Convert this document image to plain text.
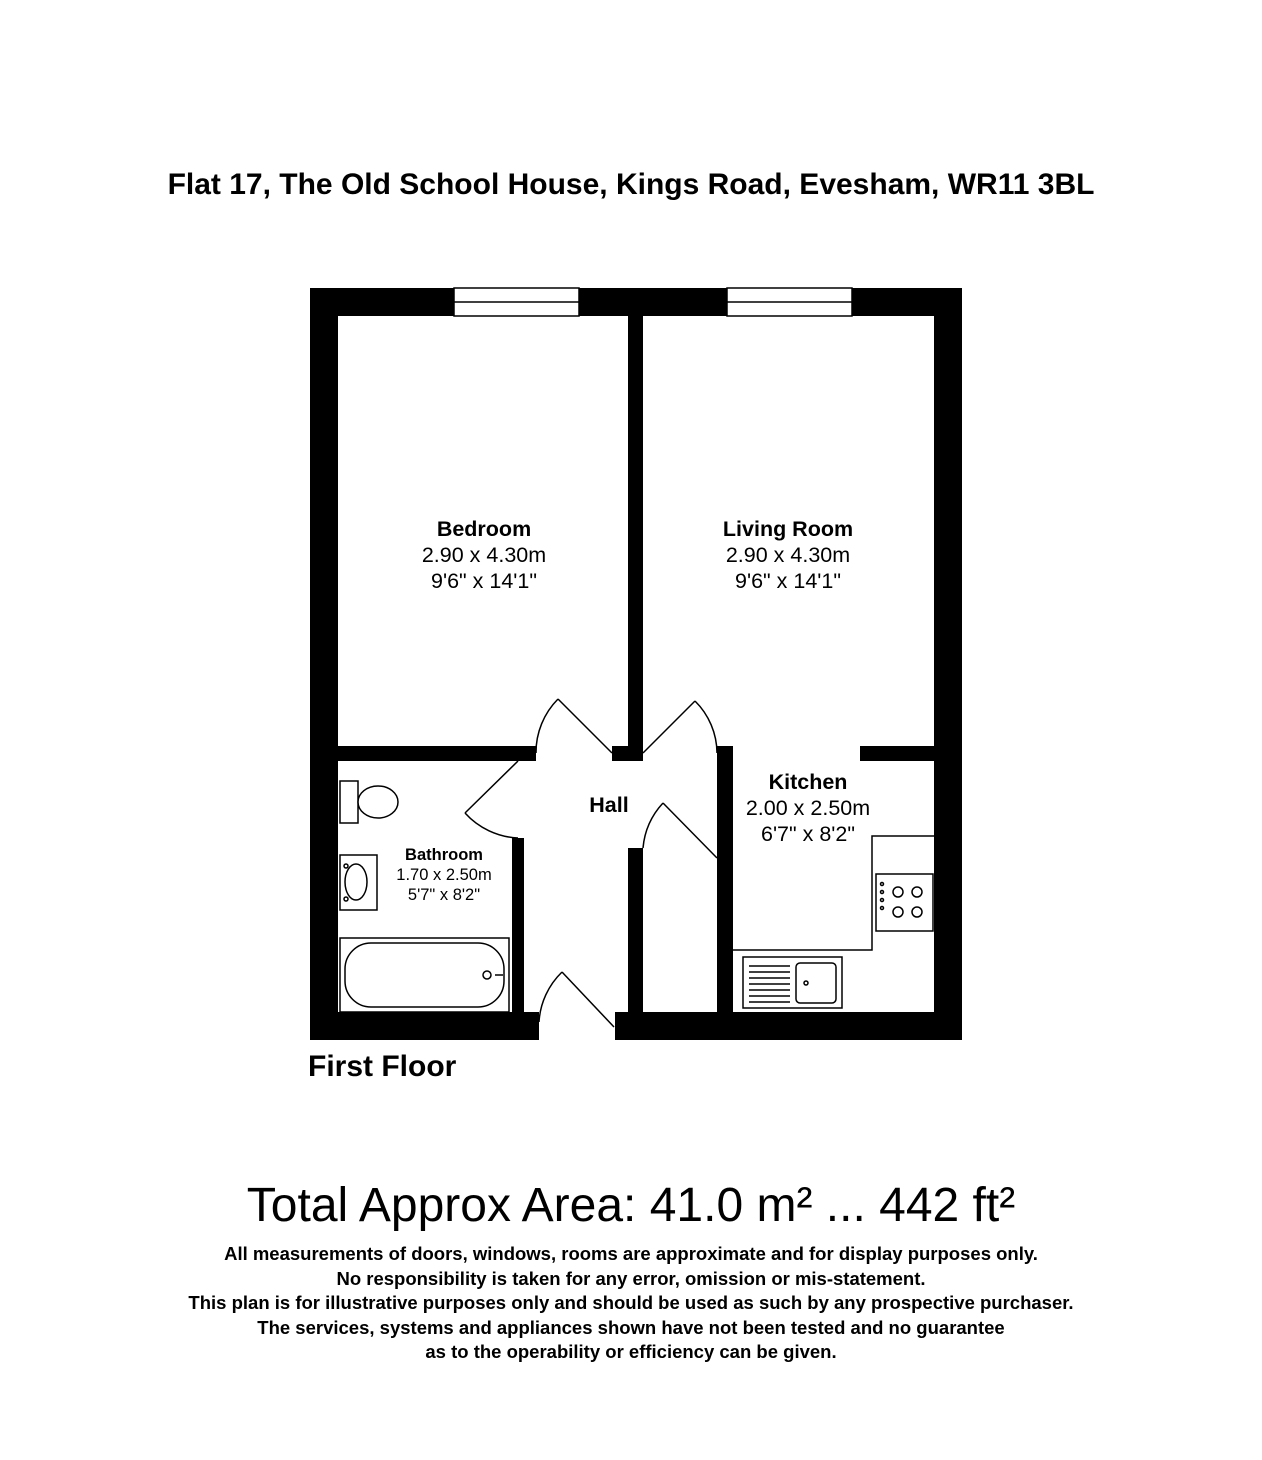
Flat 17, The Old School House, Kings Road, Evesham, WR11 3BL
Bedroom
2.90 x 4.30m
9'6" x 14'1"
Living Room
2.90 x 4.30m
9'6" x 14'1"
Kitchen
2.00 x 2.50m
6'7" x 8'2"
Bathroom
1.70 x 2.50m
5'7" x 8'2"
Hall
First Floor
Total Approx Area: 41.0 m² ... 442 ft²
All measurements of doors, windows, rooms are approximate and for display purposes only.
No responsibility is taken for any error, omission or mis-statement.
This plan is for illustrative purposes only and should be used as such by any prospective purchaser.
The services, systems and appliances shown have not been tested and no guarantee
as to the operability or efficiency can be given.
